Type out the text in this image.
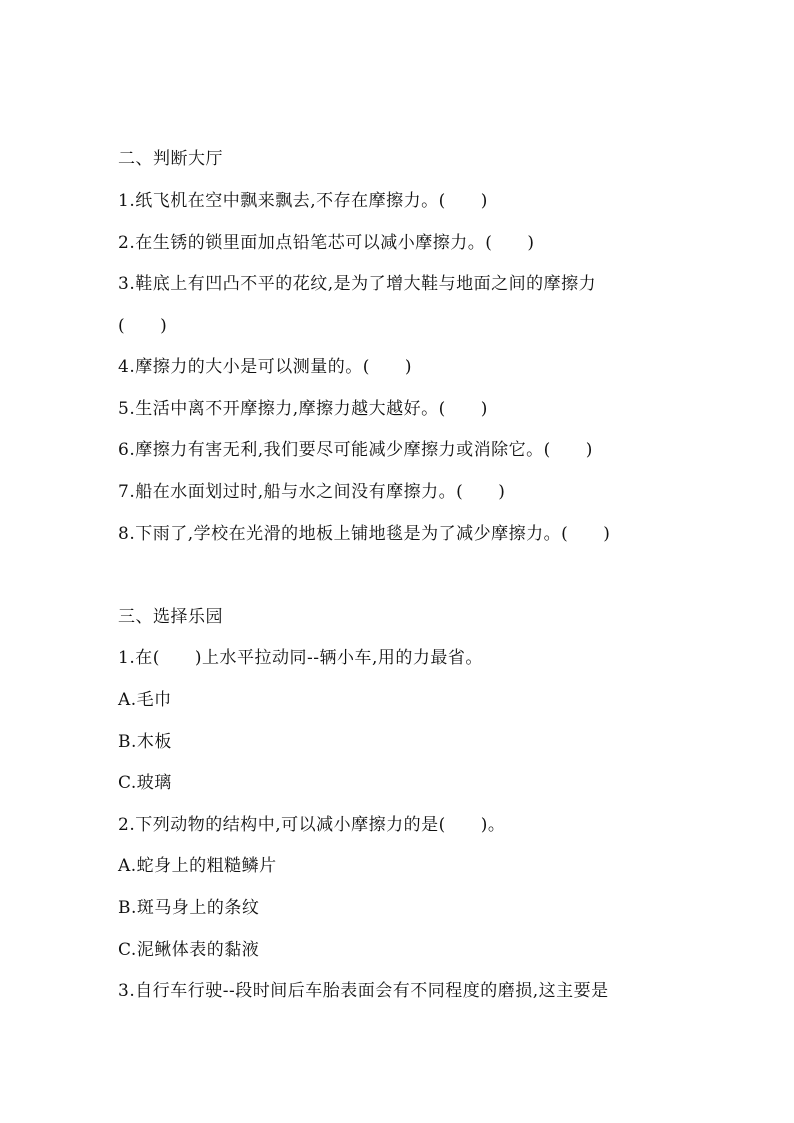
二、判断大厅
1.纸飞机在空中飘来飘去,不存在摩擦力。(　　)
2.在生锈的锁里面加点铅笔芯可以减小摩擦力。(　　)
3.鞋底上有凹凸不平的花纹,是为了增大鞋与地面之间的摩擦力
(　　)
4.摩擦力的大小是可以测量的。(　　)
5.生活中离不开摩擦力,摩擦力越大越好。(　　)
6.摩擦力有害无利,我们要尽可能减少摩擦力或消除它。(　　)
7.船在水面划过时,船与水之间没有摩擦力。(　　)
8.下雨了,学校在光滑的地板上铺地毯是为了减少摩擦力。(　　)
三、选择乐园
1.在(　　)上水平拉动同--辆小车,用的力最省。
A.毛巾
B.木板
C.玻璃
2.下列动物的结构中,可以减小摩擦力的是(　　)。
A.蛇身上的粗糙鳞片
B.斑马身上的条纹
C.泥鳅体表的黏液
3.自行车行驶--段时间后车胎表面会有不同程度的磨损,这主要是
